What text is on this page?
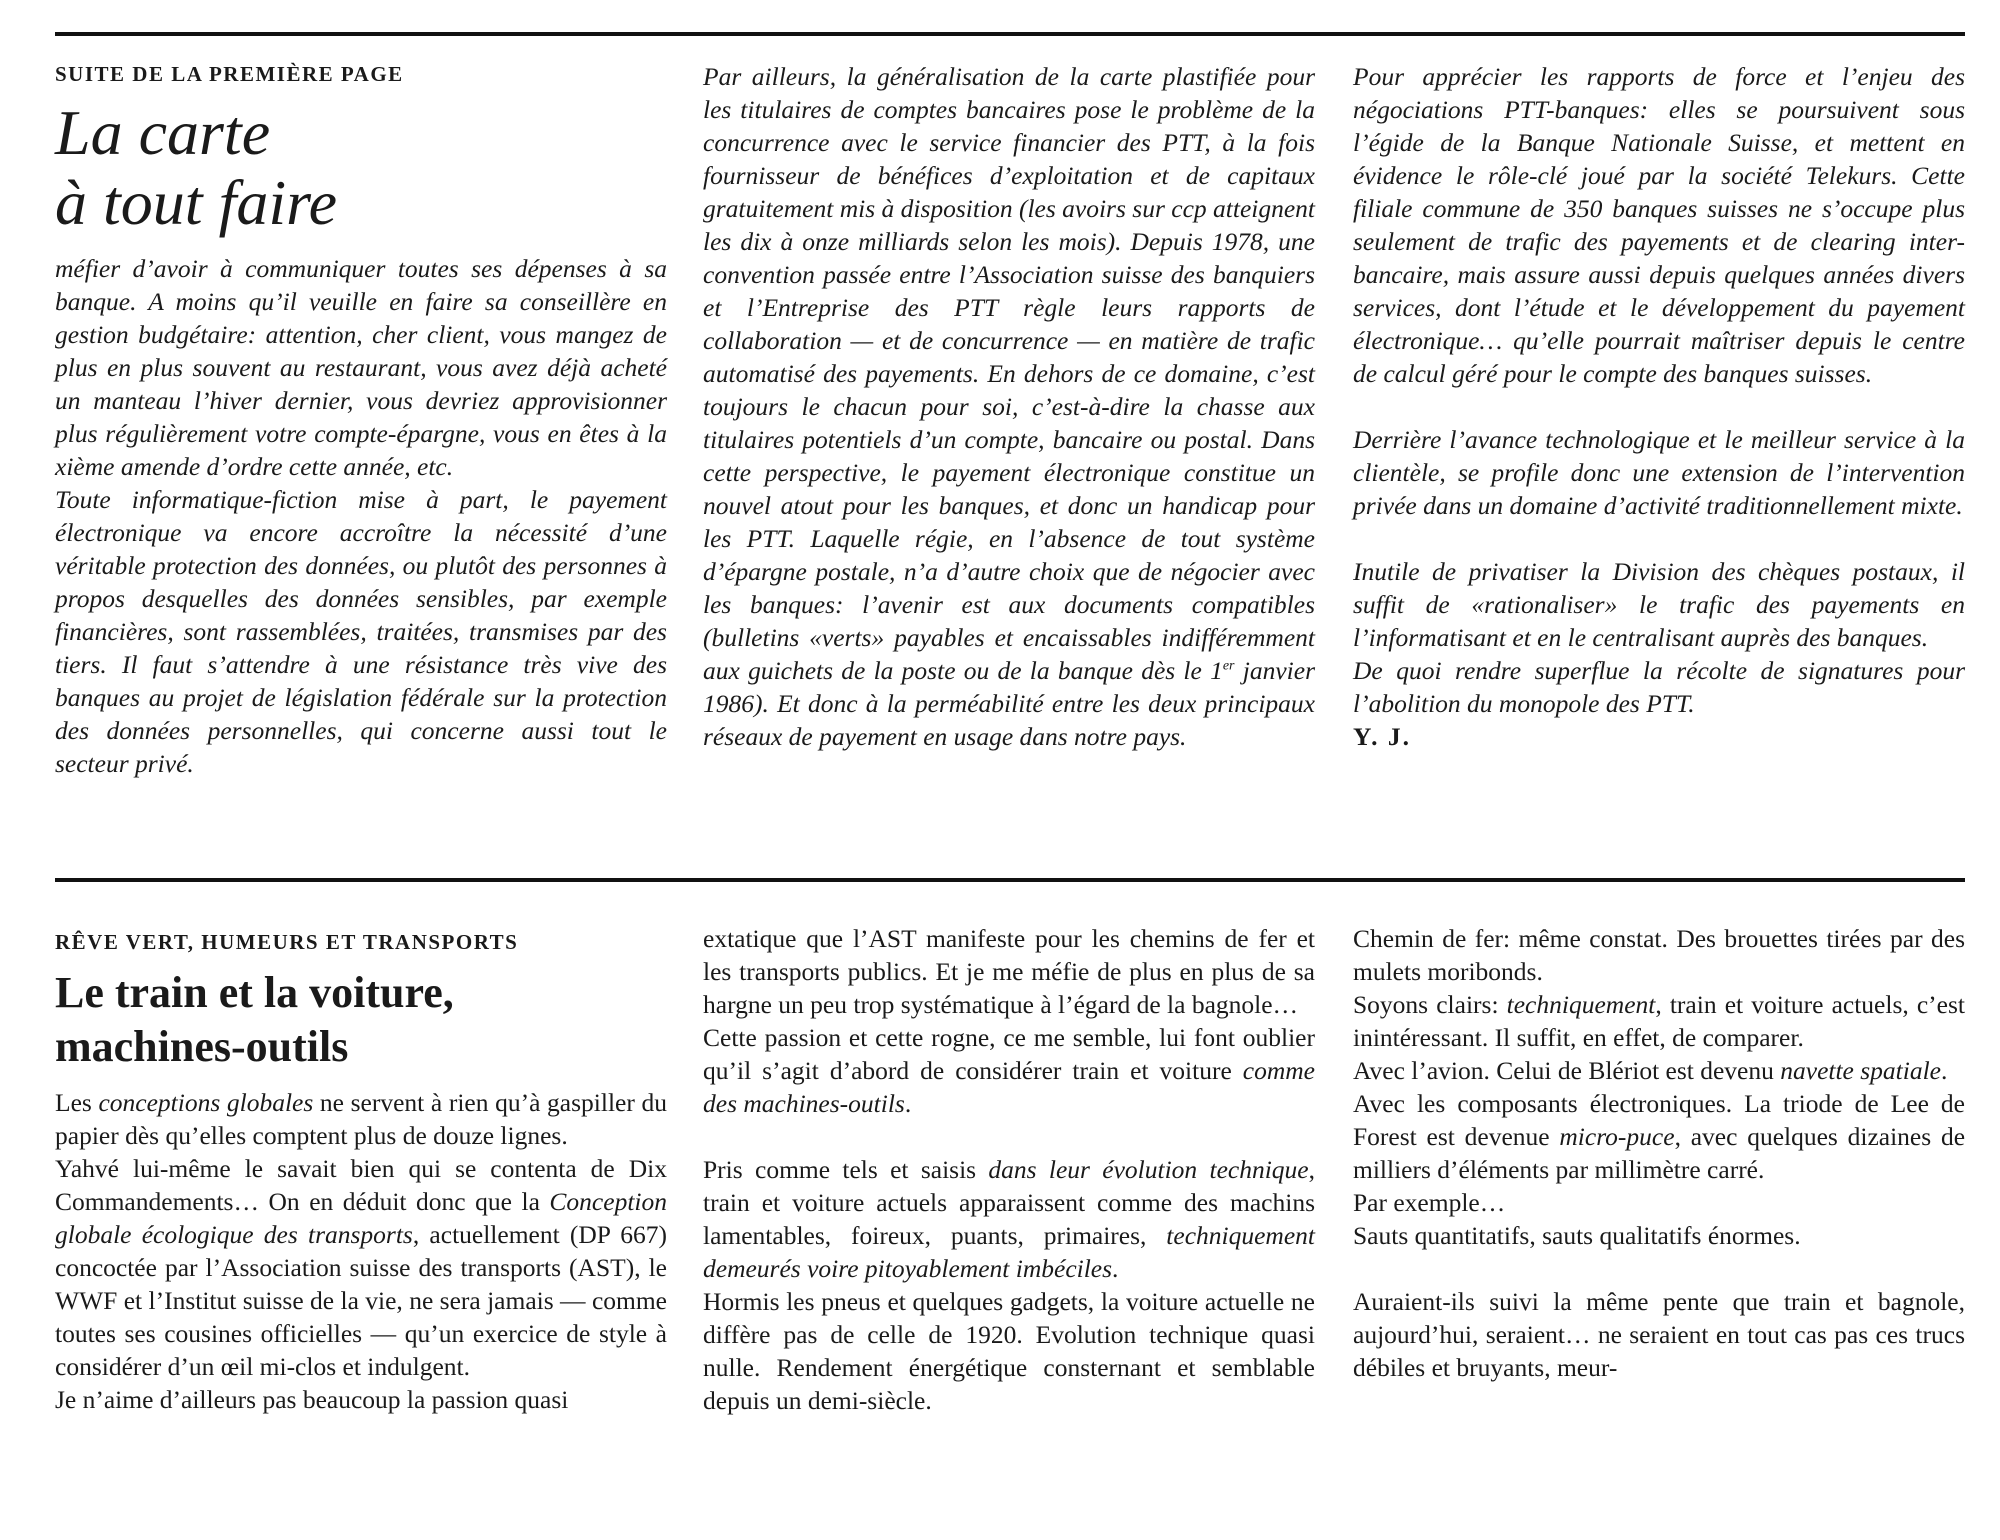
SUITE DE LA PREMIÈRE PAGE
La carte
à tout faire

méfier d’avoir à communiquer toutes ses dépenses à sa banque. A moins qu’il veuille en faire sa conseillère en gestion budgétaire: attention, cher client, vous mangez de plus en plus souvent au restaurant, vous avez déjà acheté un manteau l’hiver dernier, vous devriez approvisionner plus régulièrement votre compte-épargne, vous en êtes à la xième amende d’ordre cette année, etc.

Toute informatique-fiction mise à part, le payement électronique va encore accroître la nécessité d’une véritable protection des données, ou plutôt des personnes à propos desquelles des données sensibles, par exemple financières, sont rassemblées, traitées, transmises par des tiers. Il faut s’attendre à une résistance très vive des banques au projet de législation fédérale sur la protection des données personnelles, qui concerne aussi tout le secteur privé.

Par ailleurs, la généralisation de la carte plastifiée pour les titulaires de comptes bancaires pose le problème de la concurrence avec le service financier des PTT, à la fois fournisseur de bénéfices d’exploitation et de capitaux gratuitement mis à disposition (les avoirs sur ccp atteignent les dix à onze milliards selon les mois). Depuis 1978, une convention passée entre l’Association suisse des banquiers et l’Entreprise des PTT règle leurs rapports de collaboration — et de concurrence — en matière de trafic automatisé des payements. En dehors de ce domaine, c’est toujours le chacun pour soi, c’est-à-dire la chasse aux titulaires potentiels d’un compte, bancaire ou postal. Dans cette perspective, le payement électronique constitue un nouvel atout pour les banques, et donc un handicap pour les PTT. Laquelle régie, en l’absence de tout système d’épargne postale, n’a d’autre choix que de négocier avec les banques: l’avenir est aux documents compatibles (bulletins «verts» payables et encaissables indifféremment aux guichets de la poste ou de la banque dès le 1er janvier 1986). Et donc à la perméabilité entre les deux principaux réseaux de payement en usage dans notre pays.

Pour apprécier les rapports de force et l’enjeu des négociations PTT-banques: elles se poursuivent sous l’égide de la Banque Nationale Suisse, et mettent en évidence le rôle-clé joué par la société Telekurs. Cette filiale commune de 350 banques suisses ne s’occupe plus seulement de trafic des payements et de clearing inter-bancaire, mais assure aussi depuis quelques années divers services, dont l’étude et le développement du payement électronique… qu’elle pourrait maîtriser depuis le centre de calcul géré pour le compte des banques suisses.

Derrière l’avance technologique et le meilleur service à la clientèle, se profile donc une extension de l’intervention privée dans un domaine d’activité traditionnellement mixte.

Inutile de privatiser la Division des chèques postaux, il suffit de «rationaliser» le trafic des payements en l’informatisant et en le centralisant auprès des banques.

De quoi rendre superflue la récolte de signatures pour l’abolition du monopole des PTT.

Y. J.

RÊVE VERT, HUMEURS ET TRANSPORTS
Le train et la voiture,
machines-outils

Les conceptions globales ne servent à rien qu’à gaspiller du papier dès qu’elles comptent plus de douze lignes.

Yahvé lui-même le savait bien qui se contenta de Dix Commandements… On en déduit donc que la Conception globale écologique des transports, actuellement (DP 667) concoctée par l’Association suisse des transports (AST), le WWF et l’Institut suisse de la vie, ne sera jamais — comme toutes ses cousines officielles — qu’un exercice de style à considérer d’un œil mi-clos et indulgent.

Je n’aime d’ailleurs pas beaucoup la passion quasi

extatique que l’AST manifeste pour les chemins de fer et les transports publics. Et je me méfie de plus en plus de sa hargne un peu trop systématique à l’égard de la bagnole…

Cette passion et cette rogne, ce me semble, lui font oublier qu’il s’agit d’abord de considérer train et voiture comme des machines-outils.

Pris comme tels et saisis dans leur évolution technique, train et voiture actuels apparaissent comme des machins lamentables, foireux, puants, primaires, techniquement demeurés voire pitoyablement imbéciles.

Hormis les pneus et quelques gadgets, la voiture actuelle ne diffère pas de celle de 1920. Evolution technique quasi nulle. Rendement énergétique consternant et semblable depuis un demi-siècle.

Chemin de fer: même constat. Des brouettes tirées par des mulets moribonds.

Soyons clairs: techniquement, train et voiture actuels, c’est inintéressant. Il suffit, en effet, de comparer.

Avec l’avion. Celui de Blériot est devenu navette spatiale.

Avec les composants électroniques. La triode de Lee de Forest est devenue micro-puce, avec quelques dizaines de milliers d’éléments par millimètre carré.

Par exemple…

Sauts quantitatifs, sauts qualitatifs énormes.

Auraient-ils suivi la même pente que train et bagnole, aujourd’hui, seraient… ne seraient en tout cas pas ces trucs débiles et bruyants, meur-
